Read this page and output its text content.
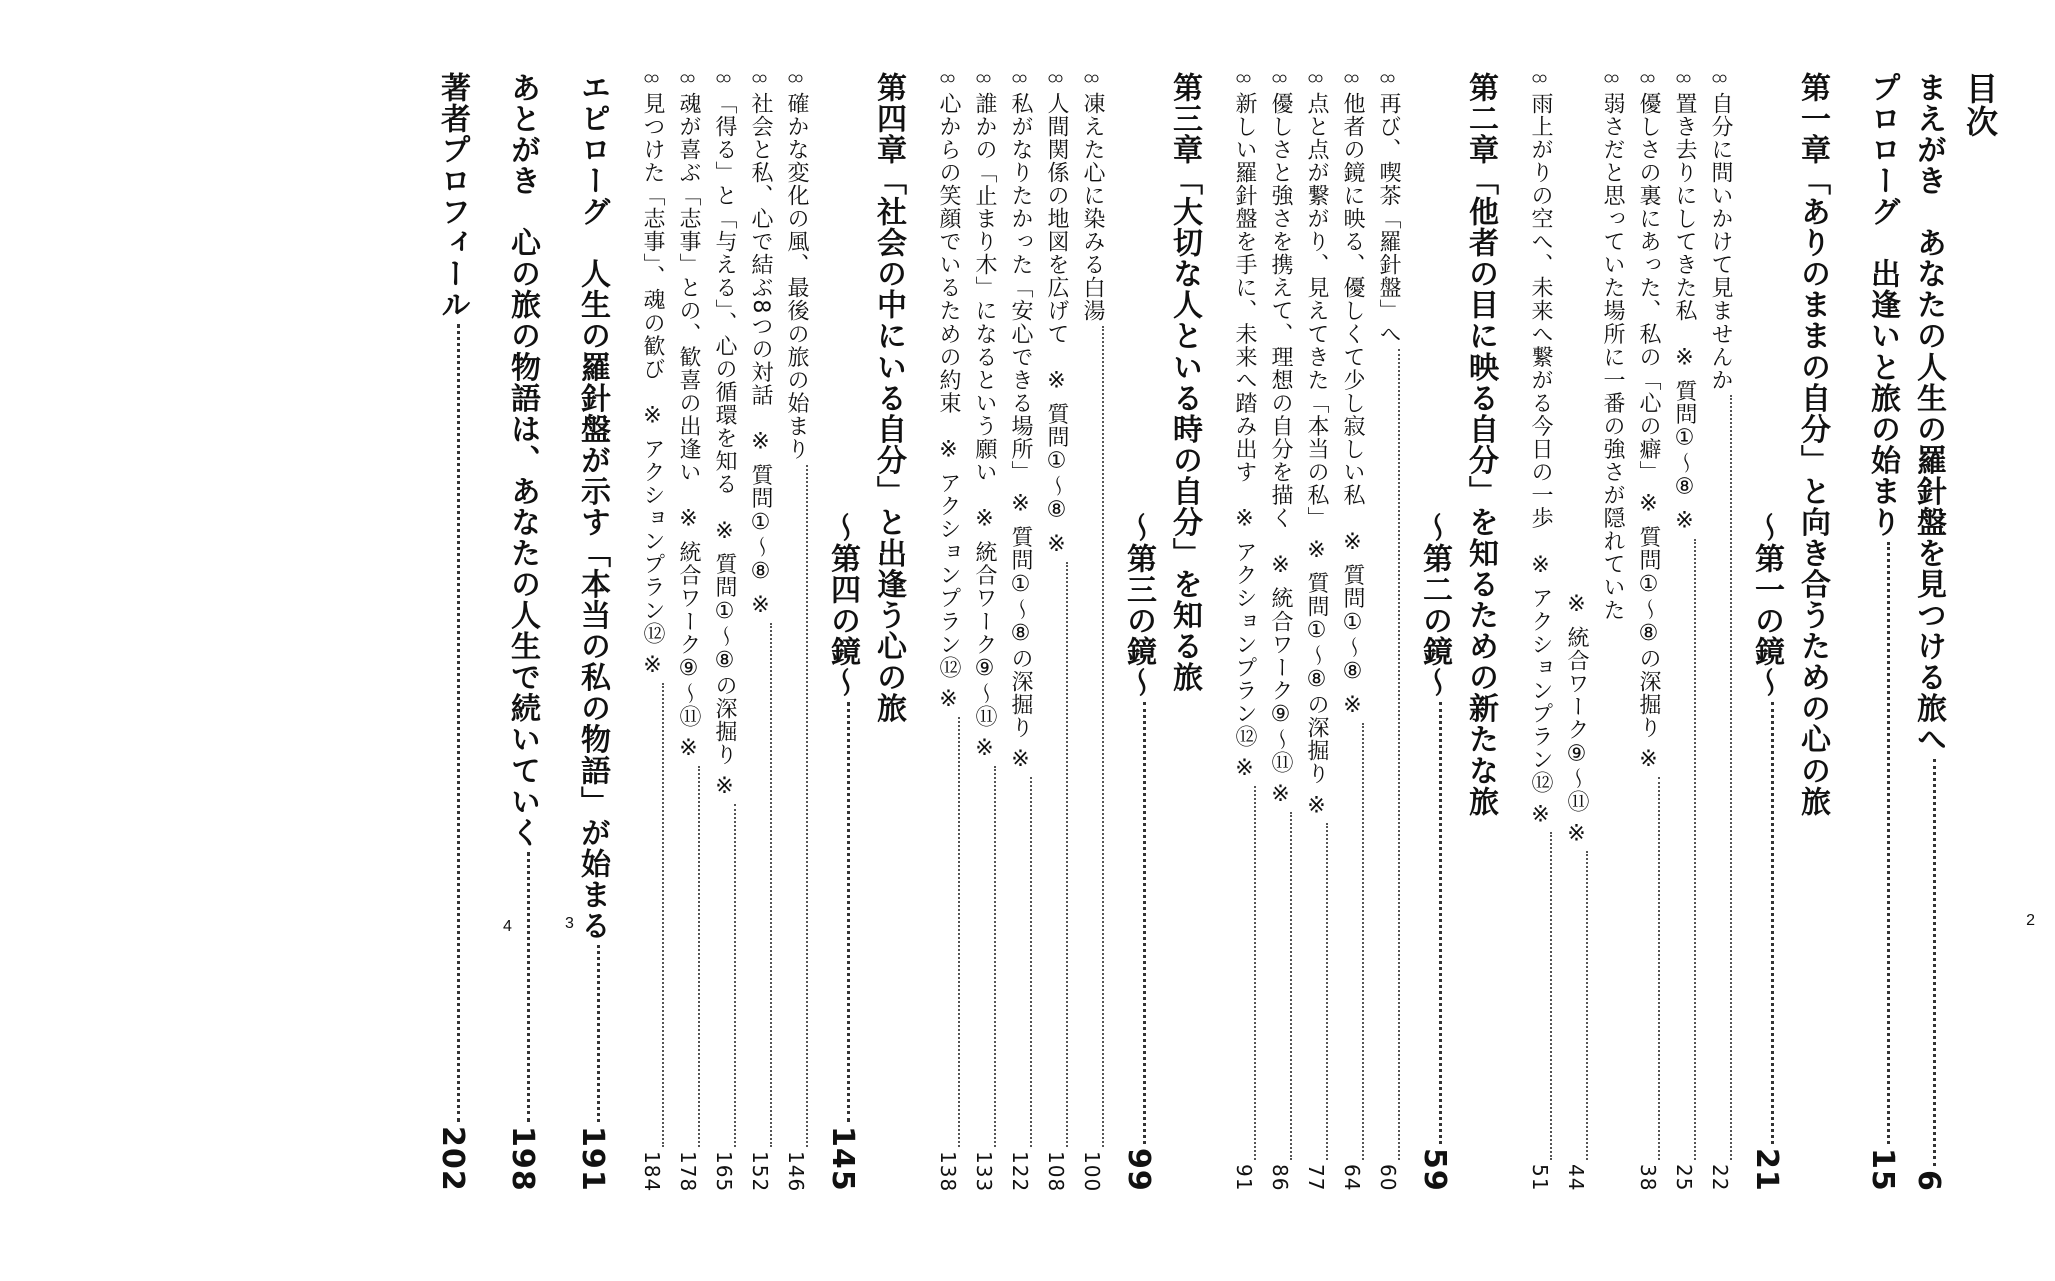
目次
まえがき　あなたの人生の羅針盤を見つける旅へ
6
プロローグ　出逢いと旅の始まり
15
第一章「ありのままの自分」と向き合うための心の旅
〜第一の鏡〜
21
𝟾
自分に問いかけて見ませんか
22
𝟾
置き去りにしてきた私　※ 質問①〜⑧ ※
25
𝟾
優しさの裏にあった、私の「心の癖」 ※ 質問①〜⑧の深掘り ※
38
𝟾
弱さだと思っていた場所に一番の強さが隠れていた
※ 統合ワーク⑨〜⑪ ※
44
𝟾
雨上がりの空へ、未来へ繋がる今日の一歩　※ アクションプラン⑫ ※
51
第二章「他者の目に映る自分」を知るための新たな旅
〜第二の鏡〜
59
𝟾
再び、喫茶「羅針盤」へ
60
𝟾
他者の鏡に映る、優しくて少し寂しい私　※ 質問①〜⑧ ※
64
𝟾
点と点が繋がり、見えてきた「本当の私」 ※ 質問①〜⑧の深掘り ※
77
𝟾
優しさと強さを携えて、理想の自分を描く　※ 統合ワーク⑨〜⑪ ※
86
𝟾
新しい羅針盤を手に、未来へ踏み出す　※ アクションプラン⑫ ※
91
第三章「大切な人といる時の自分」を知る旅
〜第三の鏡〜
99
𝟾
凍えた心に染みる白湯
100
𝟾
人間関係の地図を広げて　※ 質問①〜⑧ ※
108
𝟾
私がなりたかった「安心できる場所」 ※ 質問①〜⑧の深掘り ※
122
𝟾
誰かの「止まり木」になるという願い　※ 統合ワーク⑨〜⑪ ※
133
𝟾
心からの笑顔でいるための約束　※ アクションプラン⑫ ※
138
第四章「社会の中にいる自分」と出逢う心の旅
〜第四の鏡〜
145
𝟾
確かな変化の風、最後の旅の始まり
146
𝟾
社会と私、心で結ぶ8つの対話　※ 質問①〜⑧ ※
152
𝟾
「得る」と「与える」、心の循環を知る　※ 質問①〜⑧の深掘り ※
165
𝟾
魂が喜ぶ「志事」との、歓喜の出逢い　※ 統合ワーク⑨〜⑪ ※
178
𝟾
見つけた「志事」、魂の歓び　※ アクションプラン⑫ ※
184
エピローグ　人生の羅針盤が示す「本当の私の物語」が始まる
191
あとがき　心の旅の物語は、あなたの人生で続いていく
198
著者プロフィール
202
2
3
4
